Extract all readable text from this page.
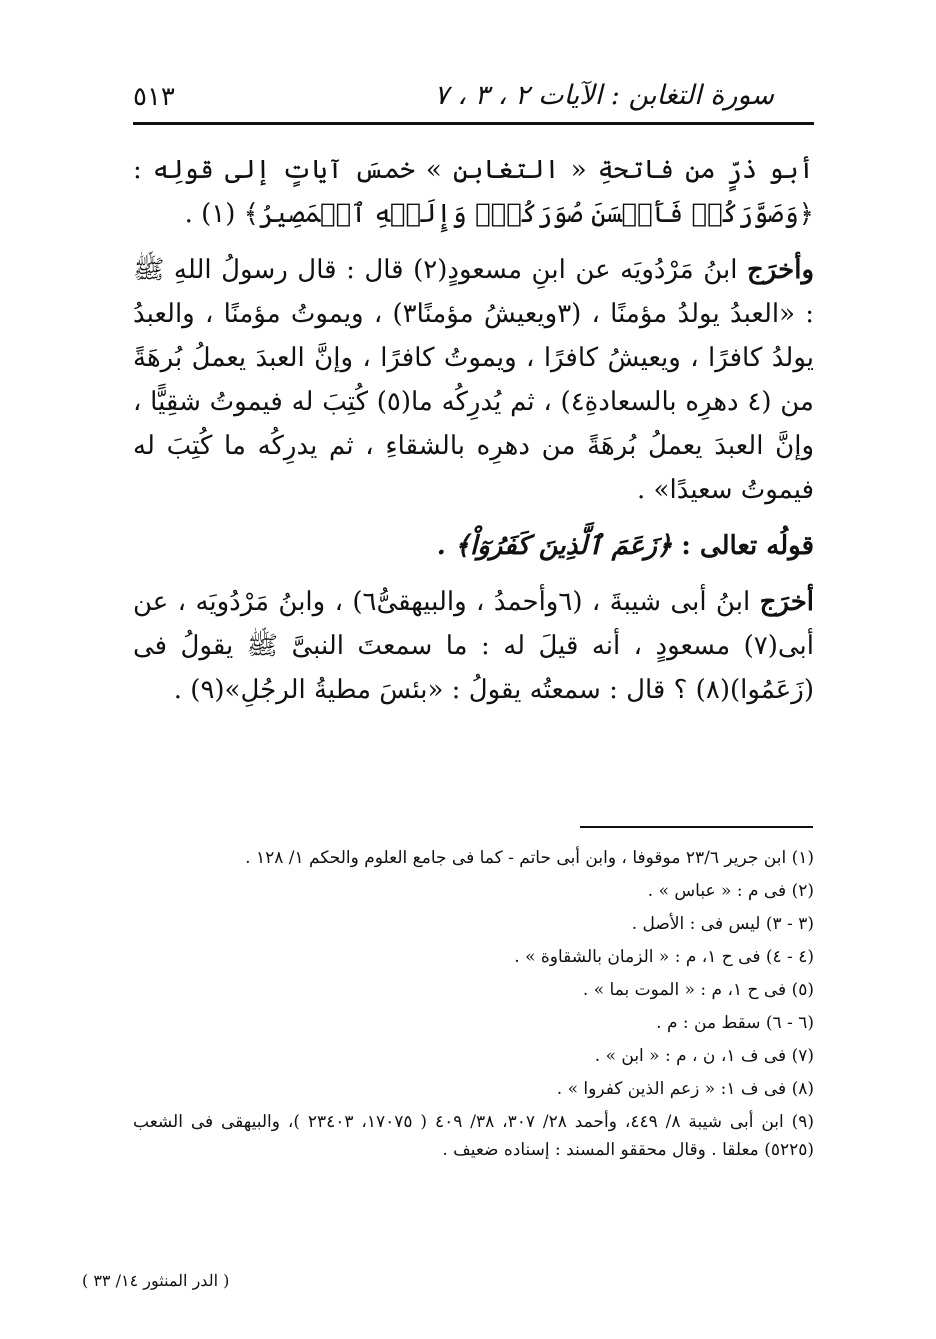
سورة التغابن : الآيات ٢ ، ٣ ، ٧
٥١٣

أبو ذرٍّ من فاتحةِ « التغابنِ » خمسَ آياتٍ إلى قولِه : ﴿وَصَوَّرَكُمۡ فَأَحۡسَنَ صُوَرَكُمۡۖ وَإِلَيۡهِ ٱلۡمَصِيرُ﴾ (١) .

وأخرَج ابنُ مَرْدُويَه عن ابنِ مسعودٍ(٢) قال : قال رسولُ اللهِ ﷺ : «العبدُ يولدُ مؤمنًا ، (٣ويعيشُ مؤمنًا٣) ، ويموتُ مؤمنًا ، والعبدُ يولدُ كافرًا ، ويعيشُ كافرًا ، ويموتُ كافرًا ، وإنَّ العبدَ يعملُ بُرهَةً من (٤ دهرِه بالسعادةِ٤) ، ثم يُدرِكُه ما(٥) كُتِبَ له فيموتُ شقِيًّا ، وإنَّ العبدَ يعملُ بُرهَةً من دهرِه بالشقاءِ ، ثم يدرِكُه ما كُتِبَ له فيموتُ سعيدًا» .

قولُه تعالى : ﴿زَعَمَ ٱلَّذِينَ كَفَرُوٓاْ﴾ .

أخرَج ابنُ أبى شيبةَ ، (٦وأحمدُ ، والبيهقىُّ٦) ، وابنُ مَرْدُويَه ، عن أبى(٧) مسعودٍ ، أنه قيلَ له : ما سمعتَ النبىَّ ﷺ يقولُ فى (زَعَمُوا)(٨) ؟ قال : سمعتُه يقولُ : «بئسَ مطيةُ الرجُلِ»(٩) .

(١) ابن جرير ٢٣/٦ موقوفا ، وابن أبى حاتم - كما فى جامع العلوم والحكم ١/ ١٢٨ .

(٢) فى م : « عباس » .

(٣ - ٣) ليس فى : الأصل .

(٤ - ٤) فى ح ١، م : « الزمان بالشقاوة » .

(٥) فى ح ١، م : « الموت بما » .

(٦ - ٦) سقط من : م .

(٧) فى ف ١، ن ، م : « ابن » .

(٨) فى ف ١: « زعم الذين كفروا » .

(٩) ابن أبى شيبة ٨/ ٤٤٩، وأحمد ٢٨/ ٣٠٧، ٣٨/ ٤٠٩ ( ١٧٠٧٥، ٢٣٤٠٣ )، والبيهقى فى الشعب (٥٢٢٥) معلقا . وقال محققو المسند : إسناده ضعيف .

( الدر المنثور ١٤/ ٣٣ )
